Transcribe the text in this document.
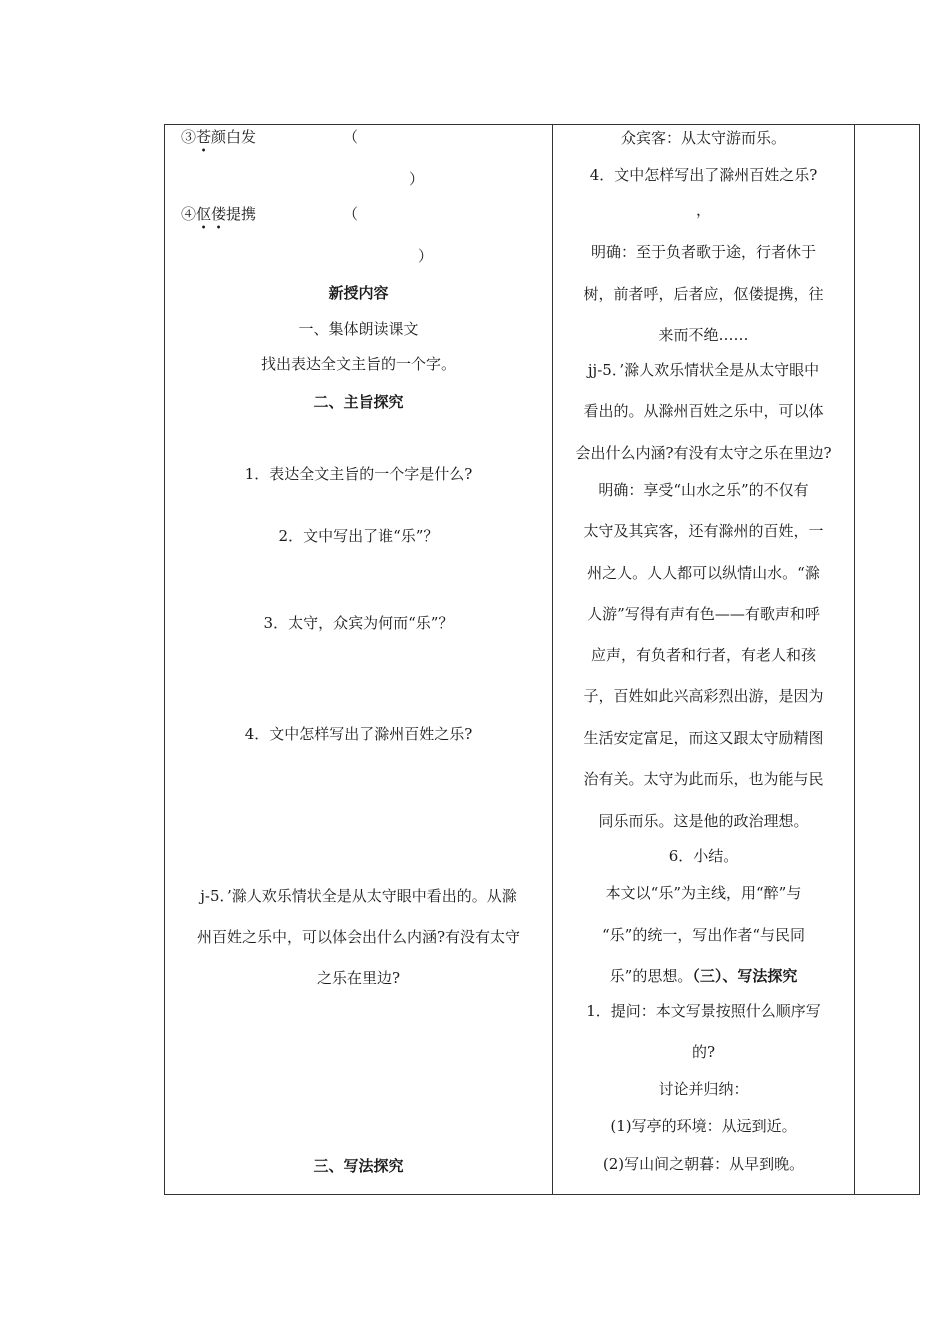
③苍颜白发	（
）
④伛偻提携	（
）
新授内容
一、集体朗读课文
找出表达全文主旨的一个字。
二、主旨探究
1．表达全文主旨的一个字是什么?
2．文中写出了谁“乐”？
3．太守，众宾为何而“乐”？
4．文中怎样写出了滁州百姓之乐?
j-5．’滁人欢乐情状全是从太守眼中看出的。从滁
州百姓之乐中，可以体会出什么内涵?有没有太守
之乐在里边?
三、写法探究
众宾客：从太守游而乐。
4．文中怎样写出了滁州百姓之乐?
，
明确：至于负者歌于途，行者休于
树，前者呼，后者应，伛偻提携，往
来而不绝……
jj-5．’滁人欢乐情状全是从太守眼中
看出的。从滁州百姓之乐中，可以体
会出什么内涵?有没有太守之乐在里边?
明确：享受“山水之乐”的不仅有
太守及其宾客，还有滁州的百姓，一
州之人。人人都可以纵情山水。“滁
人游”写得有声有色——有歌声和呼
应声，有负者和行者，有老人和孩
子，百姓如此兴高彩烈出游，是因为
生活安定富足，而这又跟太守励精图
治有关。太守为此而乐，也为能与民
同乐而乐。这是他的政治理想。
6．小结。
本文以“乐”为主线，用“醉”与
“乐”的统一，写出作者“与民同
乐”的思想。（三）、写法探究
1．提问：本文写景按照什么顺序写
的?
讨论并归纳：
(1)写亭的环境：从远到近。
(2)写山间之朝暮：从早到晚。
